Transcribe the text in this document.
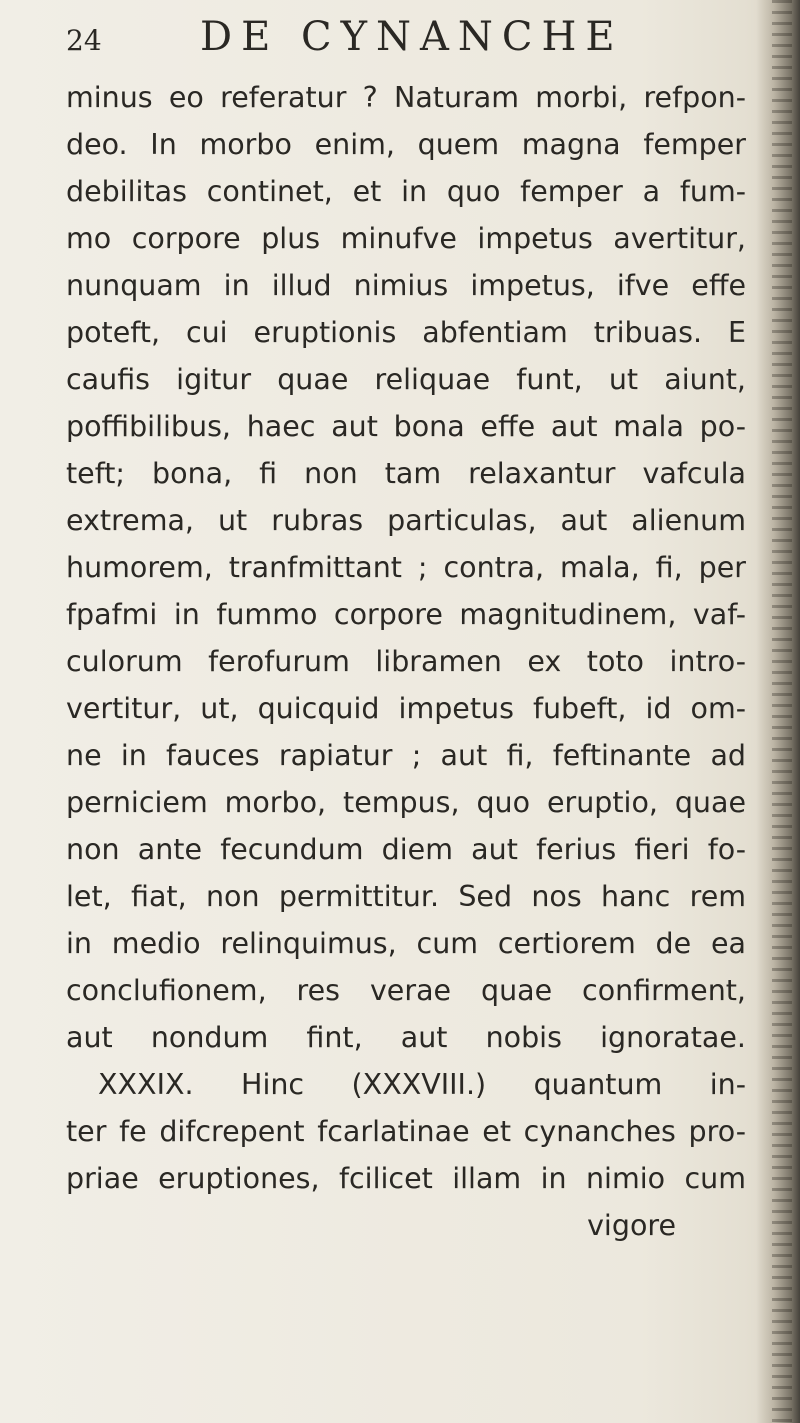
24 DE CYNANCHE
minus eo referatur ? Naturam morbi, refpon-
deo. In morbo enim, quem magna femper
debilitas continet, et in quo femper a fum-
mo corpore plus minufve impetus avertitur,
nunquam in illud nimius impetus, ifve effe
poteft, cui eruptionis abfentiam tribuas. E
caufis igitur quae reliquae funt, ut aiunt,
poffibilibus, haec aut bona effe aut mala po-
teft; bona, fi non tam relaxantur vafcula
extrema, ut rubras particulas, aut alienum
humorem, tranfmittant ; contra, mala, fi, per
fpafmi in fummo corpore magnitudinem, vaf-
culorum ferofurum libramen ex toto intro-
vertitur, ut, quicquid impetus fubeft, id om-
ne in fauces rapiatur ; aut fi, feftinante ad
perniciem morbo, tempus, quo eruptio, quae
non ante fecundum diem aut ferius fieri fo-
let, fiat, non permittitur. Sed nos hanc rem
in medio relinquimus, cum certiorem de ea
conclufionem, res verae quae confirment,
aut nondum fint, aut nobis ignoratae.
XXXIX. Hinc (XXXVIII.) quantum in-
ter fe difcrepent fcarlatinae et cynanches pro-
priae eruptiones, fcilicet illam in nimio cum
vigore
